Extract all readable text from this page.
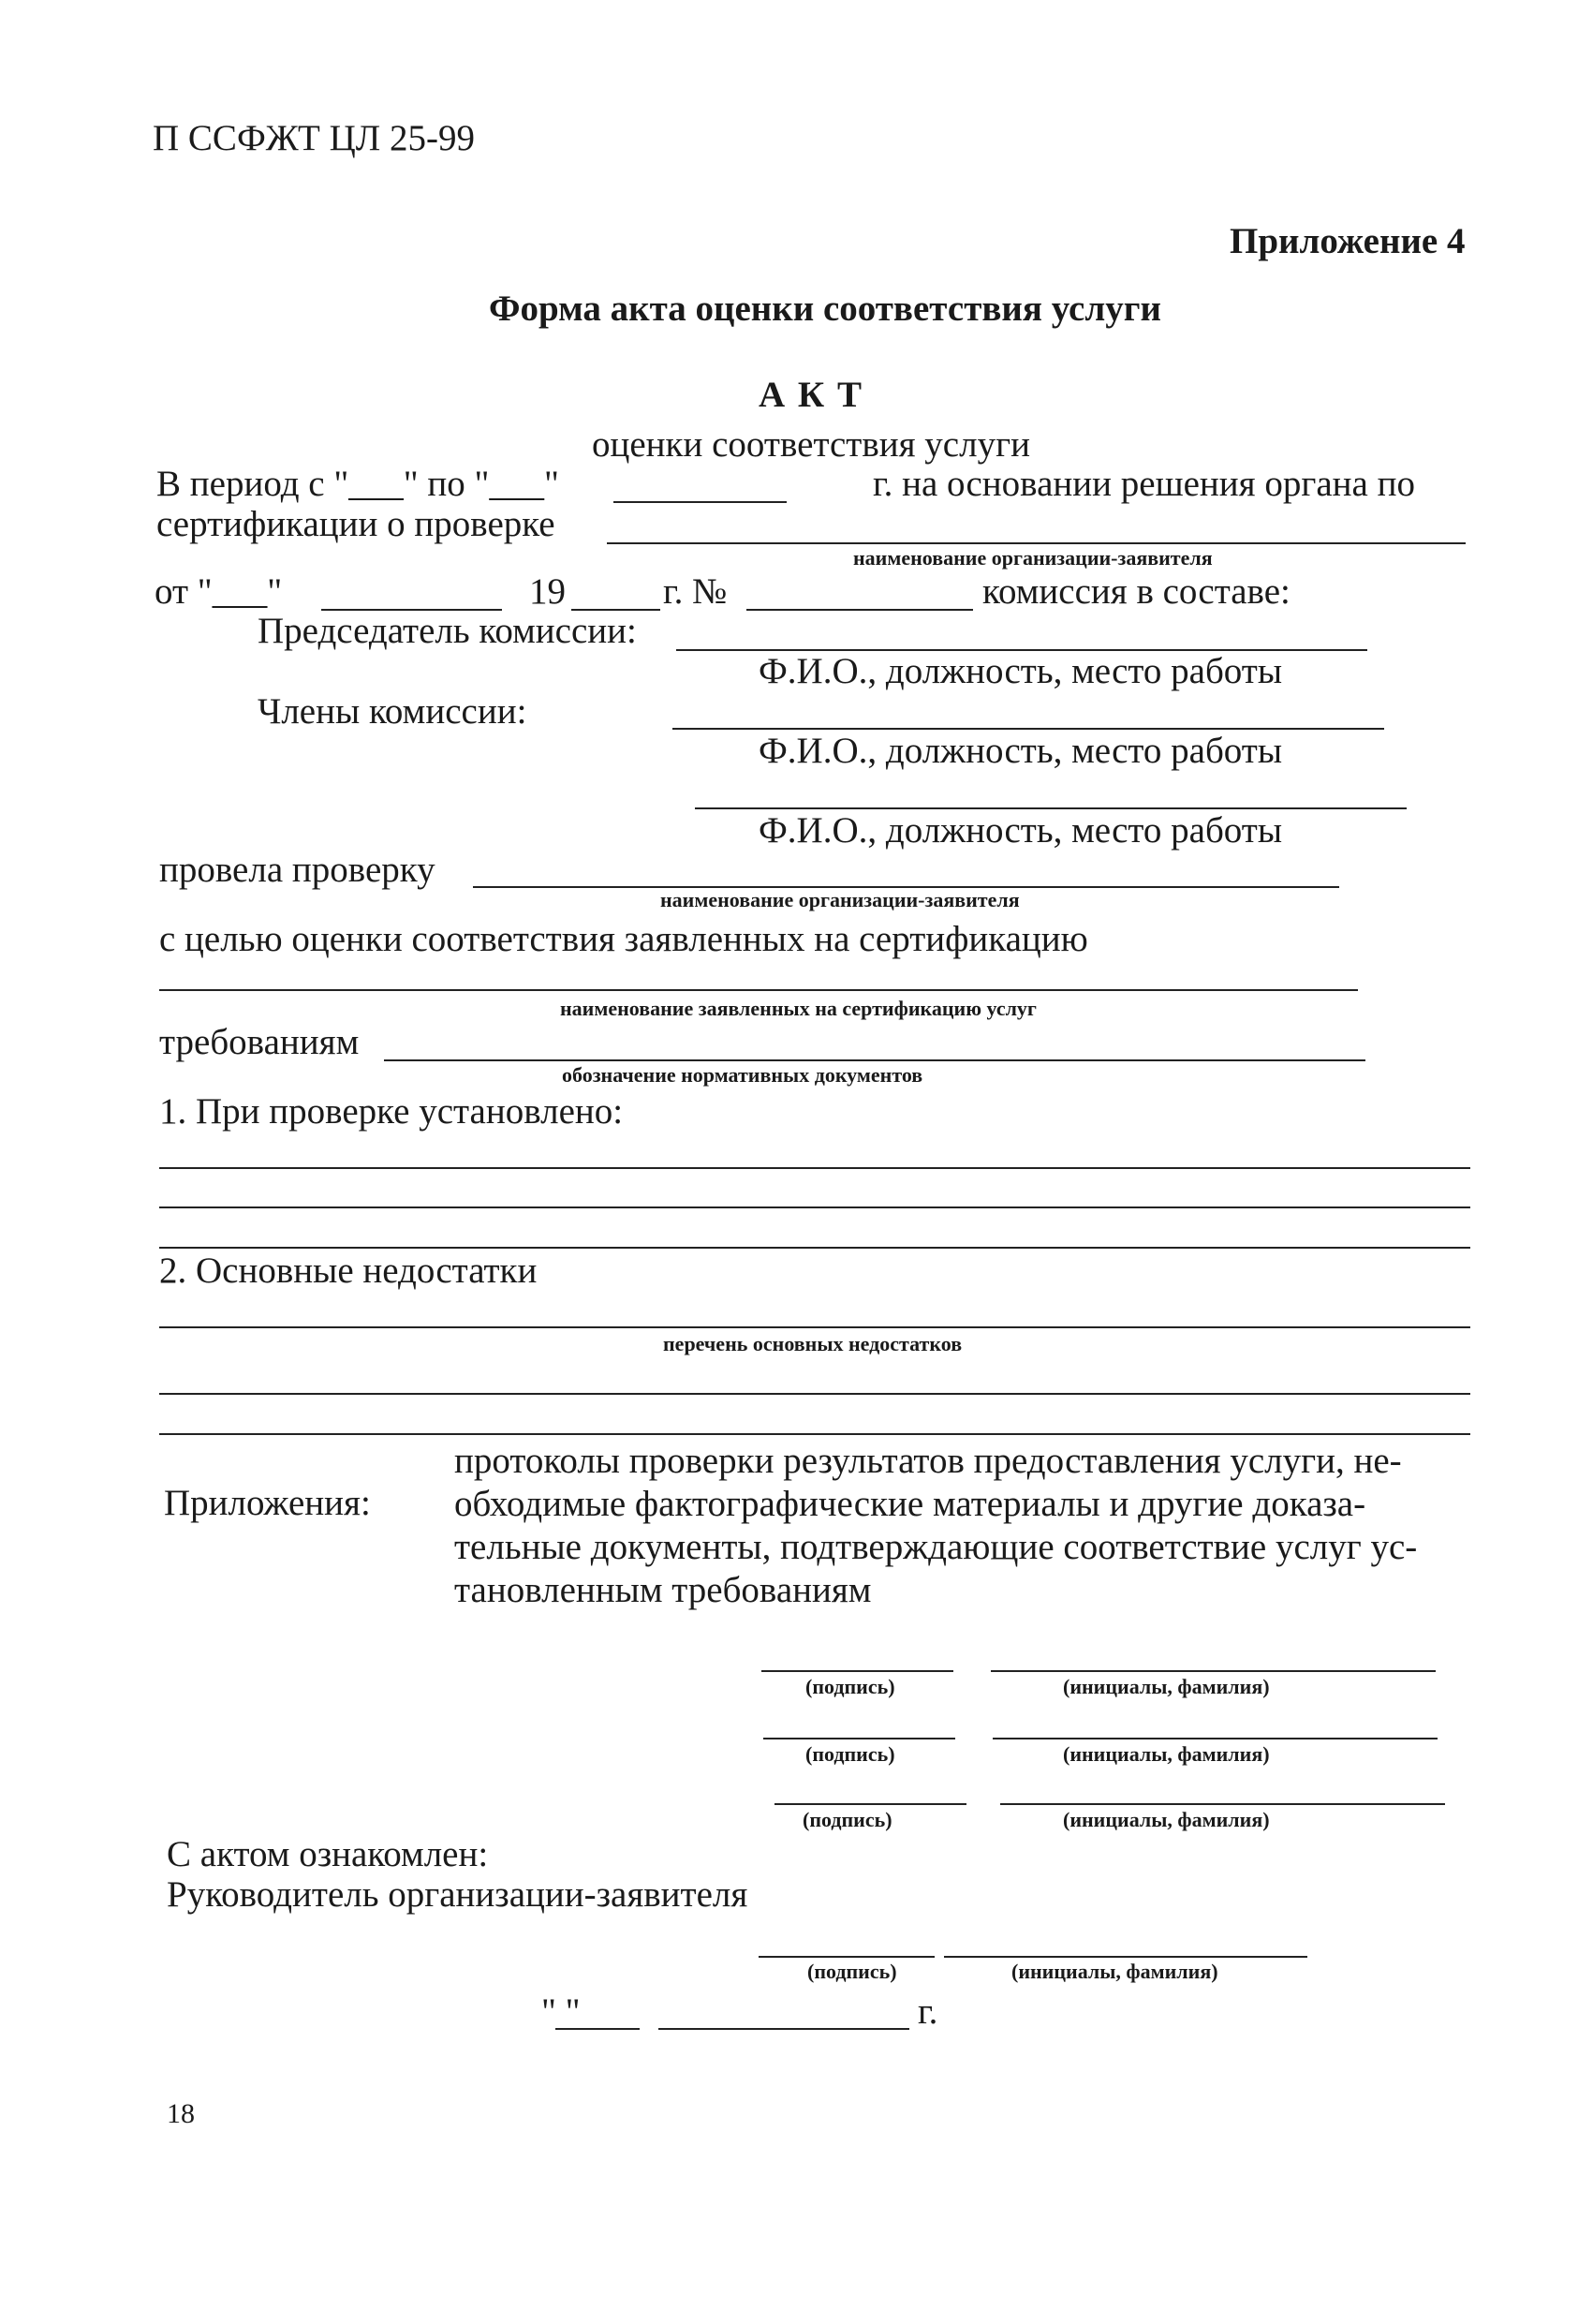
П ССФЖТ ЦЛ 25-99
Приложение 4
Форма акта оценки соответствия услуги
А К Т
оценки соответствия услуги
В период с "___" по "___"	г. на основании решения органа по
сертификации о проверке
наименование организации-заявителя
от "___"	19	г. №	комиссия в составе:
Председатель комиссии:
Ф.И.О., должность, место работы
Члены комиссии:
Ф.И.О., должность, место работы
Ф.И.О., должность, место работы
провела проверку
наименование организации-заявителя
с целью оценки соответствия заявленных на сертификацию
наименование заявленных на сертификацию услуг
требованиям
обозначение нормативных документов
1. При проверке установлено:
2. Основные недостатки
перечень основных недостатков
Приложения:
протоколы проверки результатов предоставления услуги, не-
обходимые фактографические материалы и другие доказа-
тельные документы, подтверждающие соответствие услуг ус-
тановленным требованиям
(подпись)	(инициалы, фамилия)
(подпись)	(инициалы, фамилия)
(подпись)	(инициалы, фамилия)
С актом ознакомлен:
Руководитель организации-заявителя
(подпись)	(инициалы, фамилия)
" "	г.
18
